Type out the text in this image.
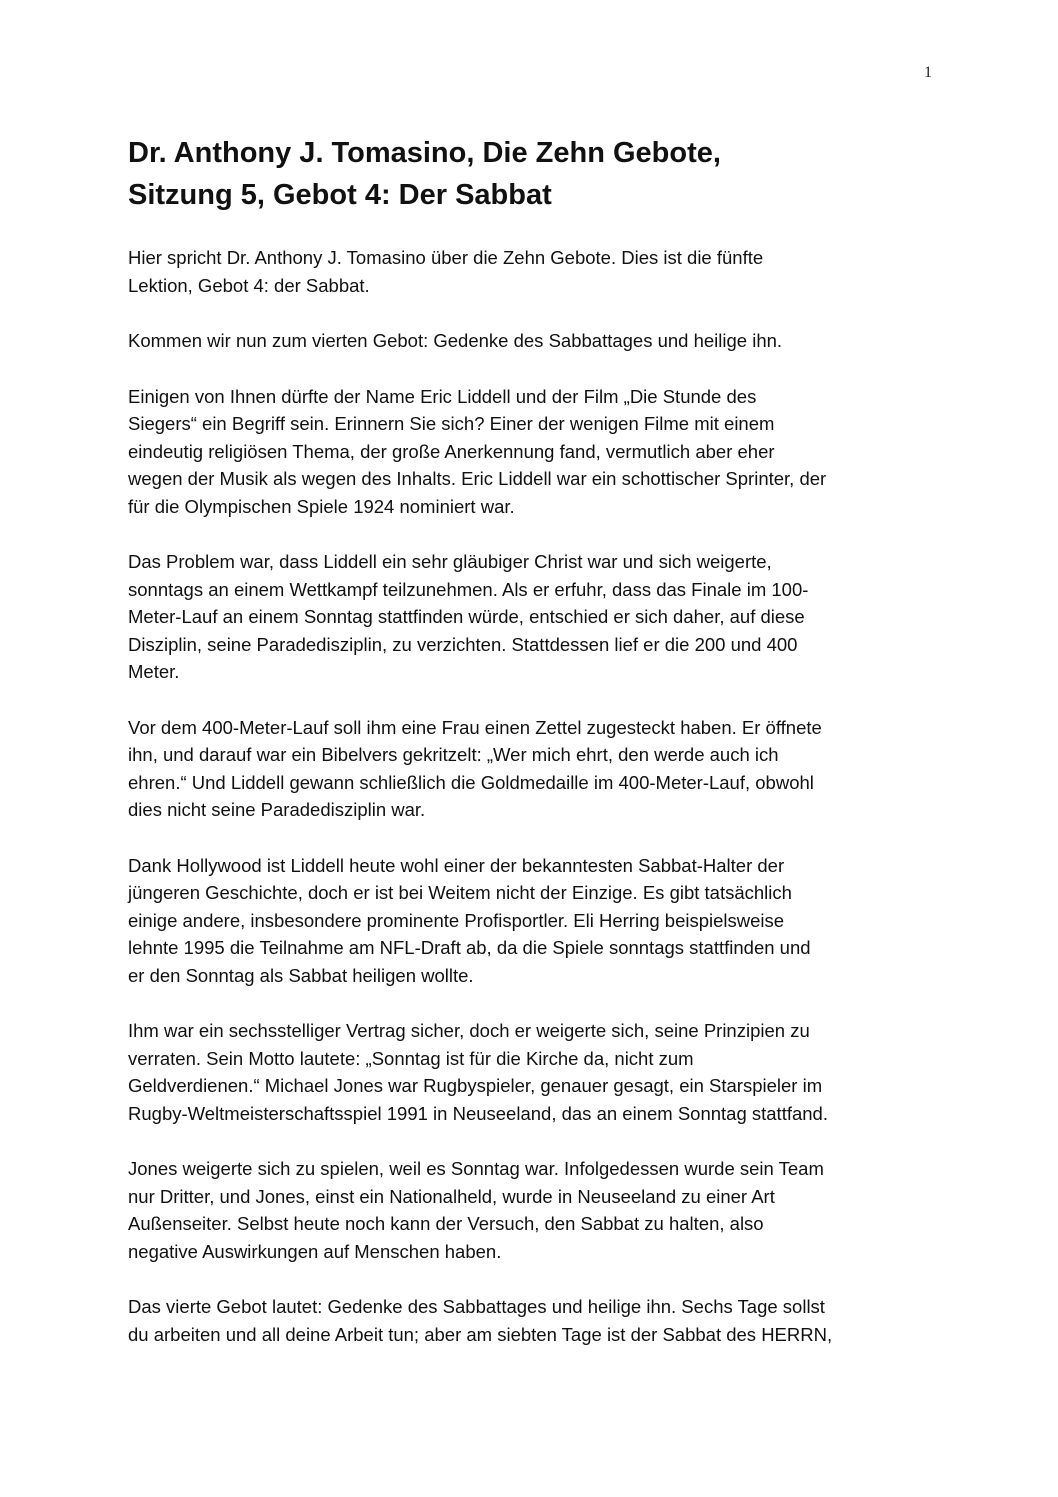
1
Dr. Anthony J. Tomasino, Die Zehn Gebote,
Sitzung 5, Gebot 4: Der Sabbat

Hier spricht Dr. Anthony J. Tomasino über die Zehn Gebote. Dies ist die fünfte
Lektion, Gebot 4: der Sabbat.

Kommen wir nun zum vierten Gebot: Gedenke des Sabbattages und heilige ihn.

Einigen von Ihnen dürfte der Name Eric Liddell und der Film „Die Stunde des
Siegers“ ein Begriff sein. Erinnern Sie sich? Einer der wenigen Filme mit einem
eindeutig religiösen Thema, der große Anerkennung fand, vermutlich aber eher
wegen der Musik als wegen des Inhalts. Eric Liddell war ein schottischer Sprinter, der
für die Olympischen Spiele 1924 nominiert war.

Das Problem war, dass Liddell ein sehr gläubiger Christ war und sich weigerte,
sonntags an einem Wettkampf teilzunehmen. Als er erfuhr, dass das Finale im 100-
Meter-Lauf an einem Sonntag stattfinden würde, entschied er sich daher, auf diese
Disziplin, seine Paradedisziplin, zu verzichten. Stattdessen lief er die 200 und 400
Meter.

Vor dem 400-Meter-Lauf soll ihm eine Frau einen Zettel zugesteckt haben. Er öffnete
ihn, und darauf war ein Bibelvers gekritzelt: „Wer mich ehrt, den werde auch ich
ehren.“ Und Liddell gewann schließlich die Goldmedaille im 400-Meter-Lauf, obwohl
dies nicht seine Paradedisziplin war.

Dank Hollywood ist Liddell heute wohl einer der bekanntesten Sabbat-Halter der
jüngeren Geschichte, doch er ist bei Weitem nicht der Einzige. Es gibt tatsächlich
einige andere, insbesondere prominente Profisportler. Eli Herring beispielsweise
lehnte 1995 die Teilnahme am NFL-Draft ab, da die Spiele sonntags stattfinden und
er den Sonntag als Sabbat heiligen wollte.

Ihm war ein sechsstelliger Vertrag sicher, doch er weigerte sich, seine Prinzipien zu
verraten. Sein Motto lautete: „Sonntag ist für die Kirche da, nicht zum
Geldverdienen.“ Michael Jones war Rugbyspieler, genauer gesagt, ein Starspieler im
Rugby-Weltmeisterschaftsspiel 1991 in Neuseeland, das an einem Sonntag stattfand.

Jones weigerte sich zu spielen, weil es Sonntag war. Infolgedessen wurde sein Team
nur Dritter, und Jones, einst ein Nationalheld, wurde in Neuseeland zu einer Art
Außenseiter. Selbst heute noch kann der Versuch, den Sabbat zu halten, also
negative Auswirkungen auf Menschen haben.

Das vierte Gebot lautet: Gedenke des Sabbattages und heilige ihn. Sechs Tage sollst
du arbeiten und all deine Arbeit tun; aber am siebten Tage ist der Sabbat des HERRN,
